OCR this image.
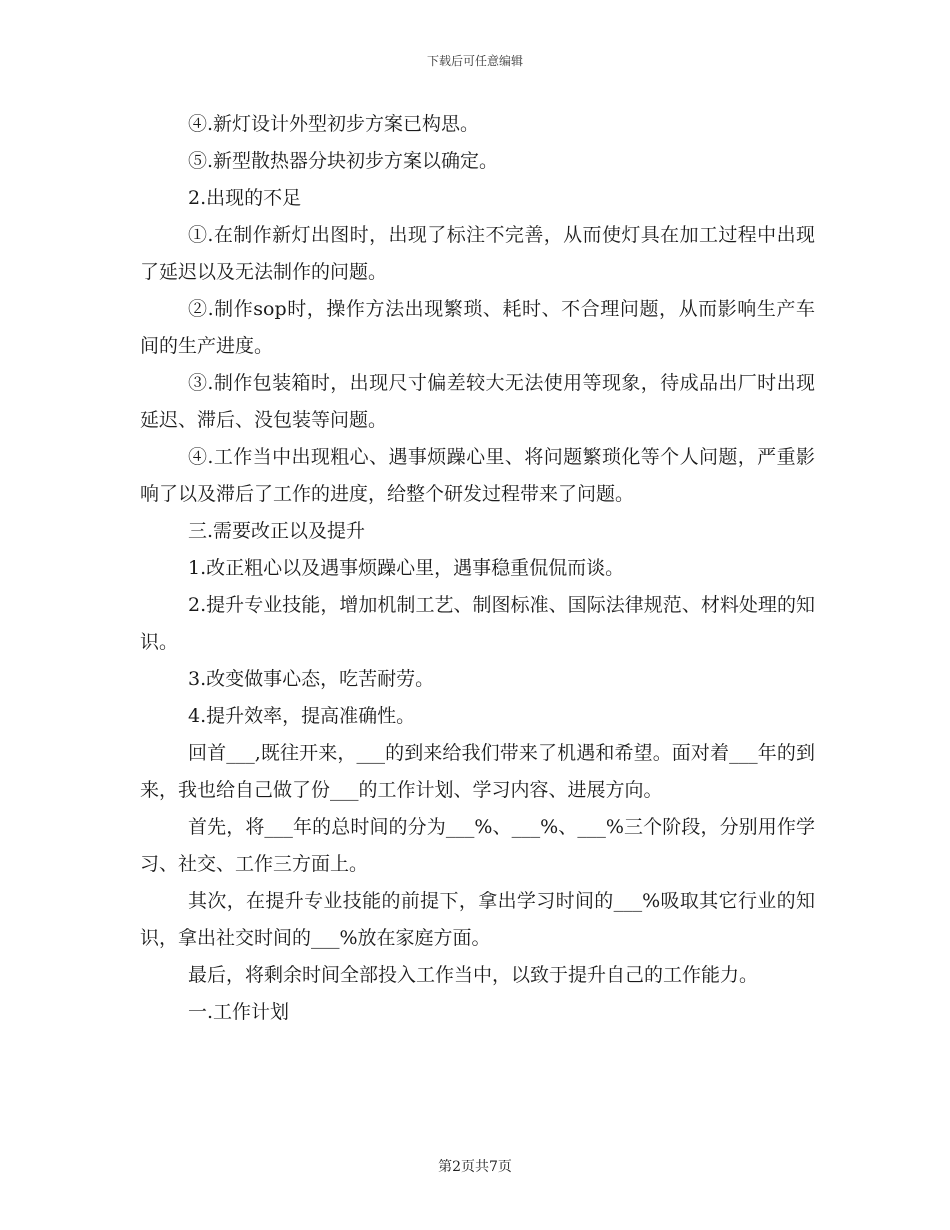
下载后可任意编辑

④.新灯设计外型初步方案已构思。

⑤.新型散热器分块初步方案以确定。

2.出现的不足

①.在制作新灯出图时，出现了标注不完善，从而使灯具在加工过程中出现了延迟以及无法制作的问题。

②.制作sop时，操作方法出现繁琐、耗时、不合理问题，从而影响生产车间的生产进度。

③.制作包装箱时，出现尺寸偏差较大无法使用等现象，待成品出厂时出现延迟、滞后、没包装等问题。

④.工作当中出现粗心、遇事烦躁心里、将问题繁琐化等个人问题，严重影响了以及滞后了工作的进度，给整个研发过程带来了问题。

三.需要改正以及提升

1.改正粗心以及遇事烦躁心里，遇事稳重侃侃而谈。

2.提升专业技能，增加机制工艺、制图标准、国际法律规范、材料处理的知识。

3.改变做事心态，吃苦耐劳。

4.提升效率，提高准确性。

回首___,既往开来，___的到来给我们带来了机遇和希望。面对着___年的到来，我也给自己做了份___的工作计划、学习内容、进展方向。

首先，将___年的总时间的分为___%、___%、___%三个阶段，分别用作学习、社交、工作三方面上。

其次，在提升专业技能的前提下，拿出学习时间的___%吸取其它行业的知识，拿出社交时间的___%放在家庭方面。

最后，将剩余时间全部投入工作当中，以致于提升自己的工作能力。

一.工作计划

第2页共7页
